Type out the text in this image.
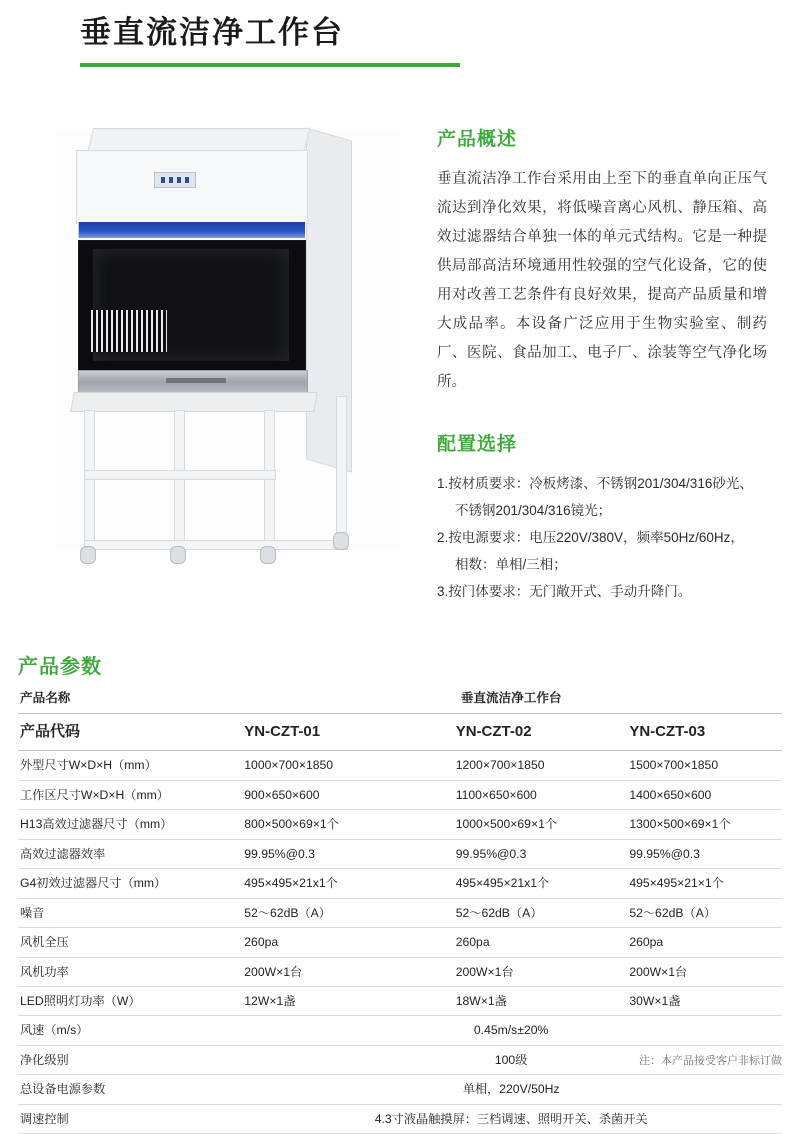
垂直流洁净工作台
产品概述

垂直流洁净工作台采用由上至下的垂直单向正压气流达到净化效果，将低噪音离心风机、静压箱、高效过滤器结合单独一体的单元式结构。它是一种提供局部高洁环境通用性较强的空气化设备，它的使用对改善工艺条件有良好效果，提高产品质量和增大成品率。本设备广泛应用于生物实验室、制药厂、医院、食品加工、电子厂、涂装等空气净化场所。

配置选择
1.按材质要求：冷板烤漆、不锈钢201/304/316砂光、
不锈钢201/304/316镜光；
2.按电源要求：电压220V/380V，频率50Hz/60Hz，
相数：单相/三相；
3.按门体要求：无门敞开式、手动升降门。
产品参数
产品名称	垂直流洁净工作台		
产品代码	YN-CZT-01	YN-CZT-02	YN-CZT-03
外型尺寸W×D×H（mm）	1000×700×1850	1200×700×1850	1500×700×1850
工作区尺寸W×D×H（mm）	900×650×600	1100×650×600	1400×650×600
H13高效过滤器尺寸（mm）	800×500×69×1个	1000×500×69×1个	1300×500×69×1个
高效过滤器效率	99.95%@0.3	99.95%@0.3	99.95%@0.3
G4初效过滤器尺寸（mm）	495×495×21x1个	495×495×21x1个	495×495×21×1个
噪音	52～62dB（A）	52～62dB（A）	52～62dB（A）
风机全压	260pa	260pa	260pa
风机功率	200W×1台	200W×1台	200W×1台
LED照明灯功率（W）	12W×1盏	18W×1盏	30W×1盏
风速（m/s）	0.45m/s±20%		
净化级别	100级		
总设备电源参数	单相，220V/50Hz		
调速控制	4.3寸液晶触摸屏：三档调速、照明开关、杀菌开关		
注：本产品接受客户非标订做
